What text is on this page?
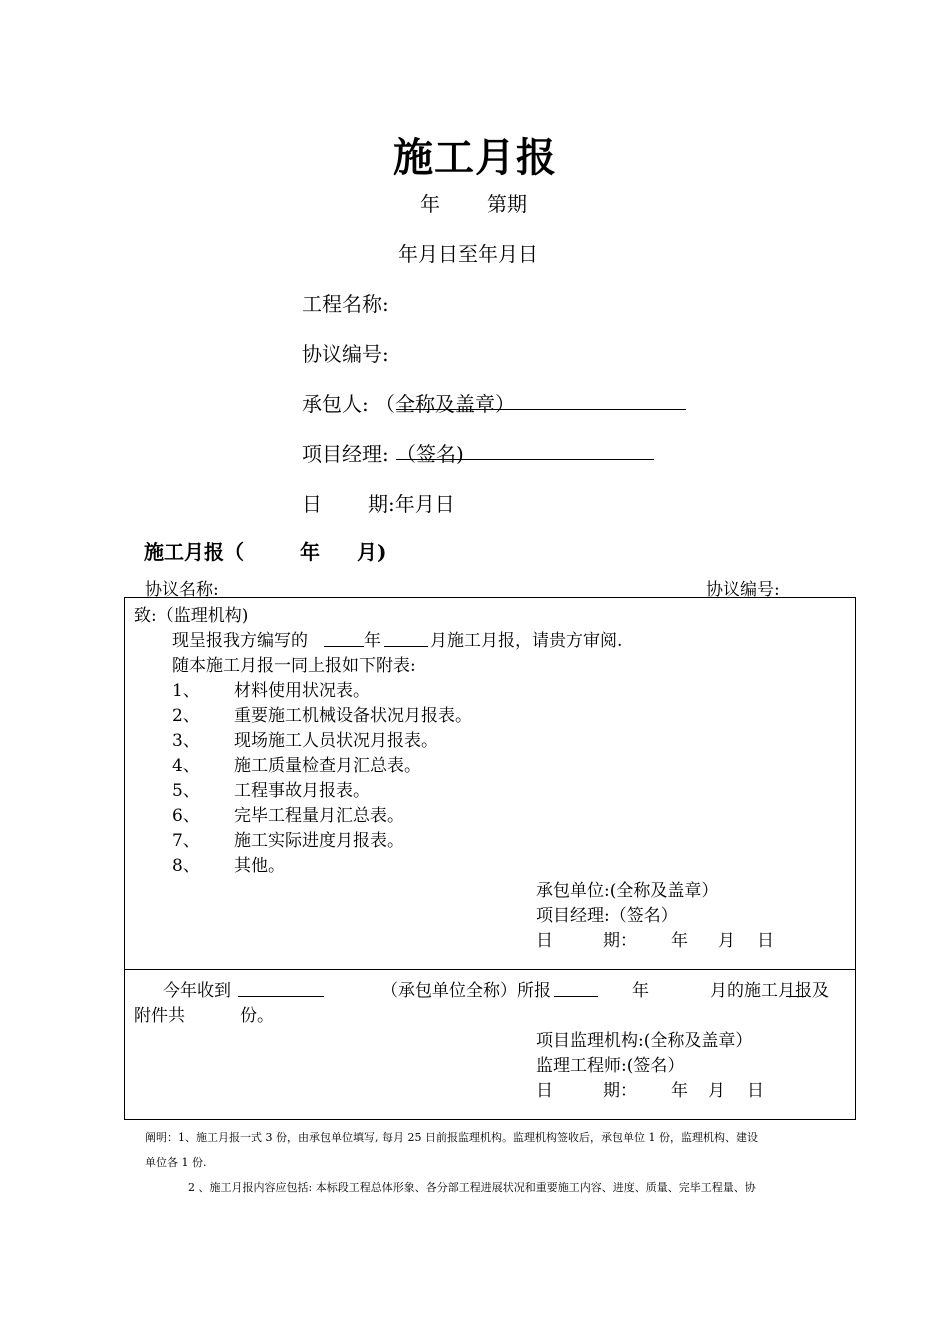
施工月报
年 第期
年月日至年月日
工程名称:
协议编号:
承包人: （全称及盖章）
项目经理: （签名)
日 期:年月日
施工月报（	年 月)
协议名称:	协议编号:
致:（监理机构)
现呈报我方编写的	年	月施工月报，请贵方审阅.
随本施工月报一同上报如下附表:
1、 材料使用状况表。
2、 重要施工机械设备状况月报表。
3、 现场施工人员状况月报表。
4、 施工质量检查月汇总表。
5、 工程事故月报表。
6、 完毕工程量月汇总表。
7、 施工实际进度月报表。
8、 其他。
承包单位:(全称及盖章）
项目经理:（签名）
日	期： 年 月 日
今年收到	（承包单位全称）所报	年	月的施工月报及
附件共	份。
项目监理机构:(全称及盖章）
监理工程师:(签名）
日	期： 年 月 日
阐明：1、施工月报一式 3 份，由承包单位填写, 每月 25 日前报监理机构。监理机构签收后，承包单位 1 份，监理机构、建设
单位各 1 份.
2 、施工月报内容应包括: 本标段工程总体形象、各分部工程进展状况和重要施工内容、进度、质量、完毕工程量、协
